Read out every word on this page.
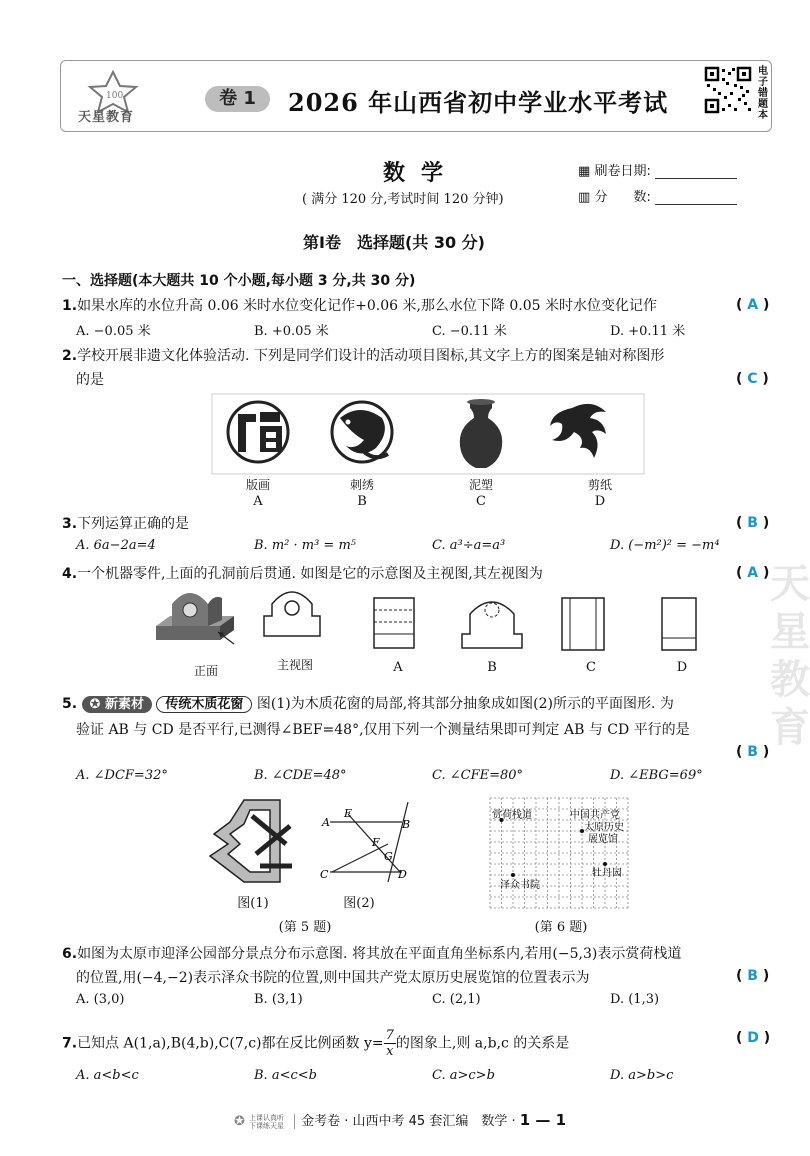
100
天星教育
卷 1	2026 年山西省初中学业水平考试
电子错题本
数学
( 满分 120 分,考试时间 120 分钟)
▦ 刷卷日期:
▥ 分　　数:
第Ⅰ卷　选择题(共 30 分)
一、选择题(本大题共 10 个小题,每小题 3 分,共 30 分)
1.如果水库的水位升高 0.06 米时水位变化记作+0.06 米,那么水位下降 0.05 米时水位变化记作	( A )
A. −0.05 米	B. +0.05 米	C. −0.11 米	D. +0.11 米
2.学校开展非遗文化体验活动. 下列是同学们设计的活动项目图标,其文字上方的图案是轴对称图形
的是	( C )
版画	刺绣	泥塑	剪纸
A	B	C	D
3.下列运算正确的是	( B )
A. 6a−2a=4	B. m² · m³ = m⁵	C. a³÷a=a³	D. (−m²)² = −m⁴
4.一个机器零件,上面的孔洞前后贯通. 如图是它的示意图及主视图,其左视图为	( A )
正面	主视图	A	B	C	D
5. ✪ 新素材 传统木质花窗 图(1)为木质花窗的局部,将其部分抽象成如图(2)所示的平面图形. 为
验证 AB 与 CD 是否平行,已测得∠BEF=48°,仅用下列一个测量结果即可判定 AB 与 CD 平行的是
( B )
A. ∠DCF=32°	B. ∠CDE=48°	C. ∠CFE=80°	D. ∠EBG=69°
A
E
B
F
G
C	D
图(1)	图(2)
(第 5 题)
赏荷栈道	中国共产党
太原历史
展览馆
泽众书院
牡丹园
(第 6 题)
6.如图为太原市迎泽公园部分景点分布示意图. 将其放在平面直角坐标系内,若用(−5,3)表示赏荷栈道
的位置,用(−4,−2)表示泽众书院的位置,则中国共产党太原历史展览馆的位置表示为	( B )
A. (3,0)	B. (3,1)	C. (2,1)	D. (1,3)
7.已知点 A(1,a),B(4,b),C(7,c)都在反比例函数 $y= \frac{7}{x}$ 的图象上,则 a,b,c 的关系是	( D )
A. a<b<c	B. a<c<b	C. a>c>b	D. a>b>c
天星教育
✪ 上课认真听
下课练天星 金考卷 · 山西中考 45 套汇编　数学 · 1 — 1
